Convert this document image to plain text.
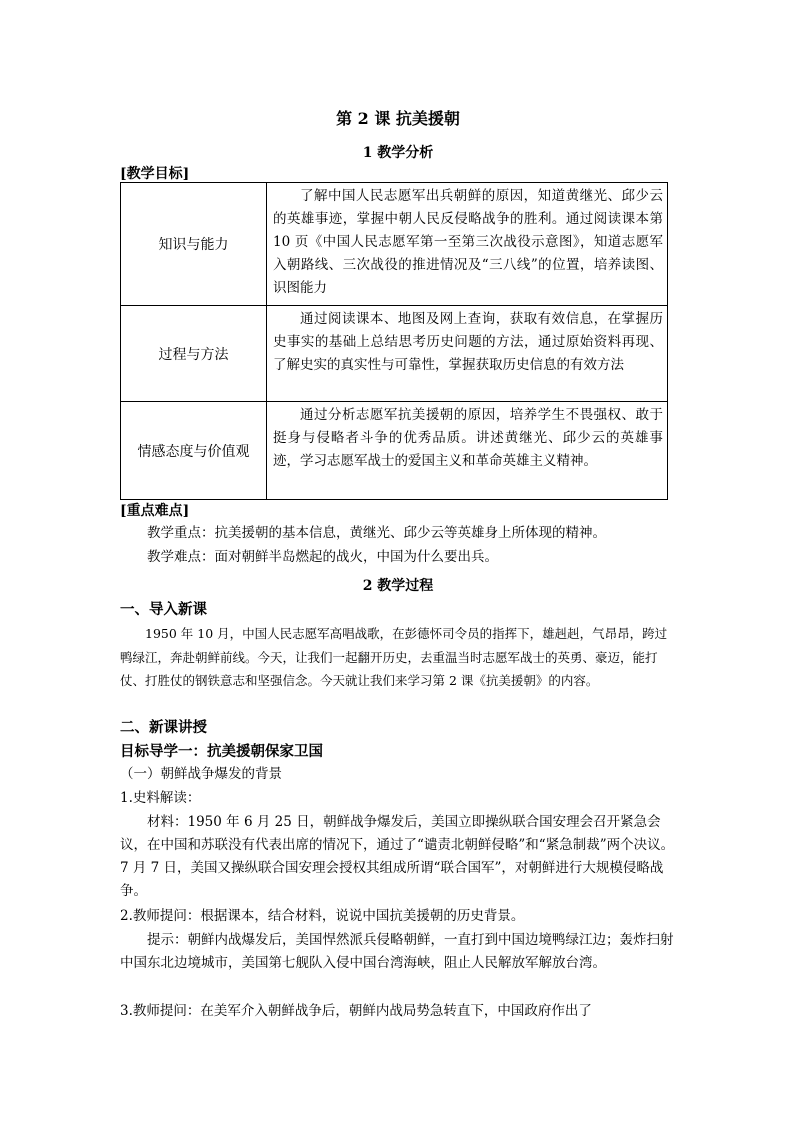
第 2 课 抗美援朝
1 教学分析
[教学目标]
知识与能力	了解中国人民志愿军出兵朝鲜的原因，知道黄继光、邱少云的英雄事迹，掌握中朝人民反侵略战争的胜利。通过阅读课本第 10 页《中国人民志愿军第一至第三次战役示意图》，知道志愿军入朝路线、三次战役的推进情况及“三八线”的位置，培养读图、识图能力
过程与方法	通过阅读课本、地图及网上查询，获取有效信息，在掌握历史事实的基础上总结思考历史问题的方法，通过原始资料再现、了解史实的真实性与可靠性，掌握获取历史信息的有效方法
情感态度与价值观	通过分析志愿军抗美援朝的原因，培养学生不畏强权、敢于挺身与侵略者斗争的优秀品质。讲述黄继光、邱少云的英雄事迹，学习志愿军战士的爱国主义和革命英雄主义精神。
[重点难点]
教学重点：抗美援朝的基本信息，黄继光、邱少云等英雄身上所体现的精神。
教学难点：面对朝鲜半岛燃起的战火，中国为什么要出兵。
2 教学过程
一、导入新课
1950 年 10 月，中国人民志愿军高唱战歌，在彭德怀司令员的指挥下，雄赳赳，气昂昂，跨过鸭绿江，奔赴朝鲜前线。今天，让我们一起翻开历史，去重温当时志愿军战士的英勇、豪迈，能打仗、打胜仗的钢铁意志和坚强信念。今天就让我们来学习第 2 课《抗美援朝》的内容。
二、新课讲授
目标导学一：抗美援朝保家卫国
（一）朝鲜战争爆发的背景
1.史料解读：
材料：1950 年 6 月 25 日，朝鲜战争爆发后，美国立即操纵联合国安理会召开紧急会议，在中国和苏联没有代表出席的情况下，通过了“谴责北朝鲜侵略”和“紧急制裁”两个决议。7 月 7 日，美国又操纵联合国安理会授权其组成所谓“联合国军”，对朝鲜进行大规模侵略战争。
2.教师提问：根据课本，结合材料，说说中国抗美援朝的历史背景。
提示：朝鲜内战爆发后，美国悍然派兵侵略朝鲜，一直打到中国边境鸭绿江边；轰炸扫射中国东北边境城市，美国第七舰队入侵中国台湾海峡，阻止人民解放军解放台湾。
3.教师提问：在美军介入朝鲜战争后，朝鲜内战局势急转直下，中国政府作出了
